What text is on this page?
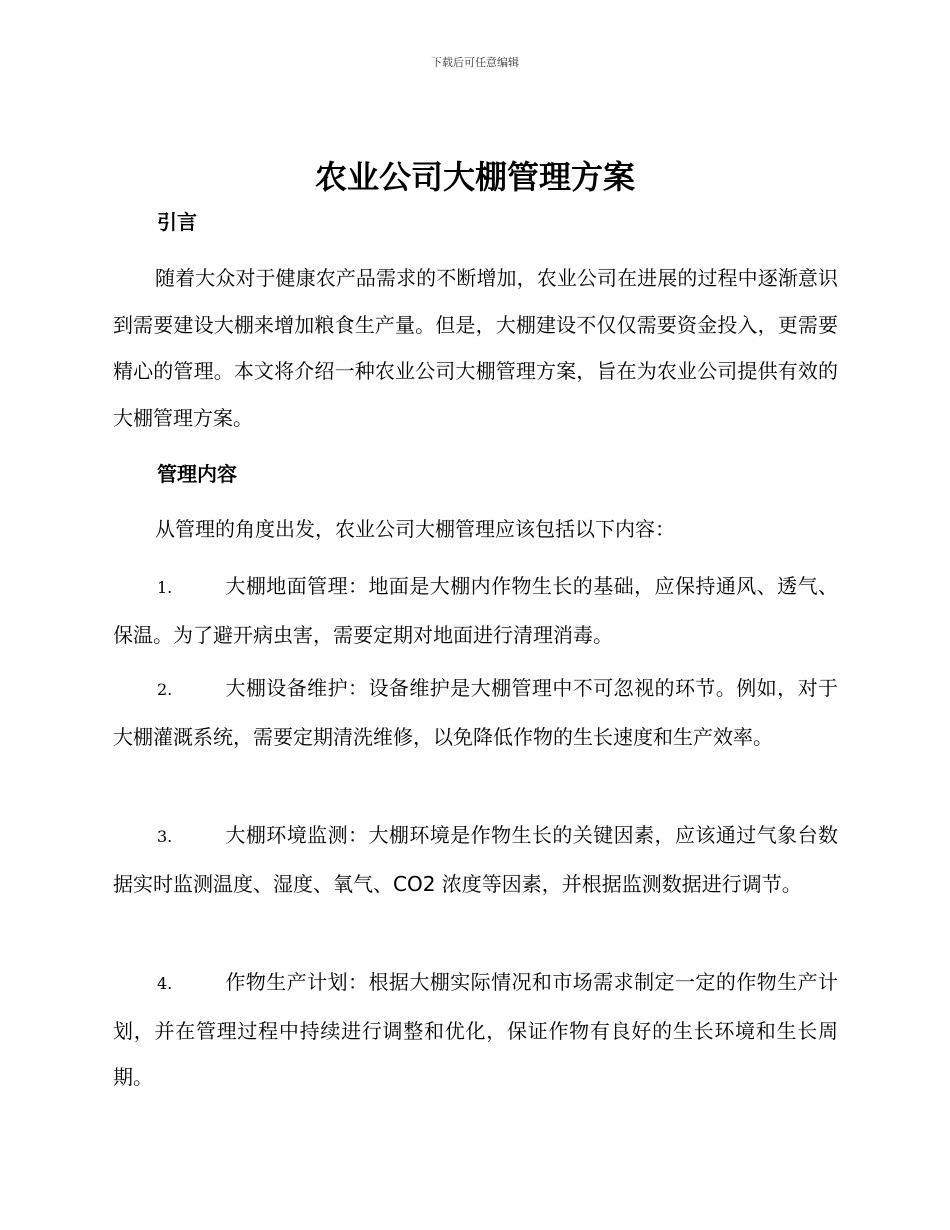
下载后可任意编辑
农业公司大棚管理方案
引言
随着大众对于健康农产品需求的不断增加，农业公司在进展的过程中逐渐意识到需要建设大棚来增加粮食生产量。但是，大棚建设不仅仅需要资金投入，更需要精心的管理。本文将介绍一种农业公司大棚管理方案，旨在为农业公司提供有效的大棚管理方案。
管理内容
从管理的角度出发，农业公司大棚管理应该包括以下内容：
1.	大棚地面管理：地面是大棚内作物生长的基础，应保持通风、透气、保温。为了避开病虫害，需要定期对地面进行清理消毒。
2.	大棚设备维护：设备维护是大棚管理中不可忽视的环节。例如，对于大棚灌溉系统，需要定期清洗维修，以免降低作物的生长速度和生产效率。
3.	大棚环境监测：大棚环境是作物生长的关键因素，应该通过气象台数据实时监测温度、湿度、氧气、CO2 浓度等因素，并根据监测数据进行调节。
4.	作物生产计划：根据大棚实际情况和市场需求制定一定的作物生产计划，并在管理过程中持续进行调整和优化，保证作物有良好的生长环境和生长周期。
